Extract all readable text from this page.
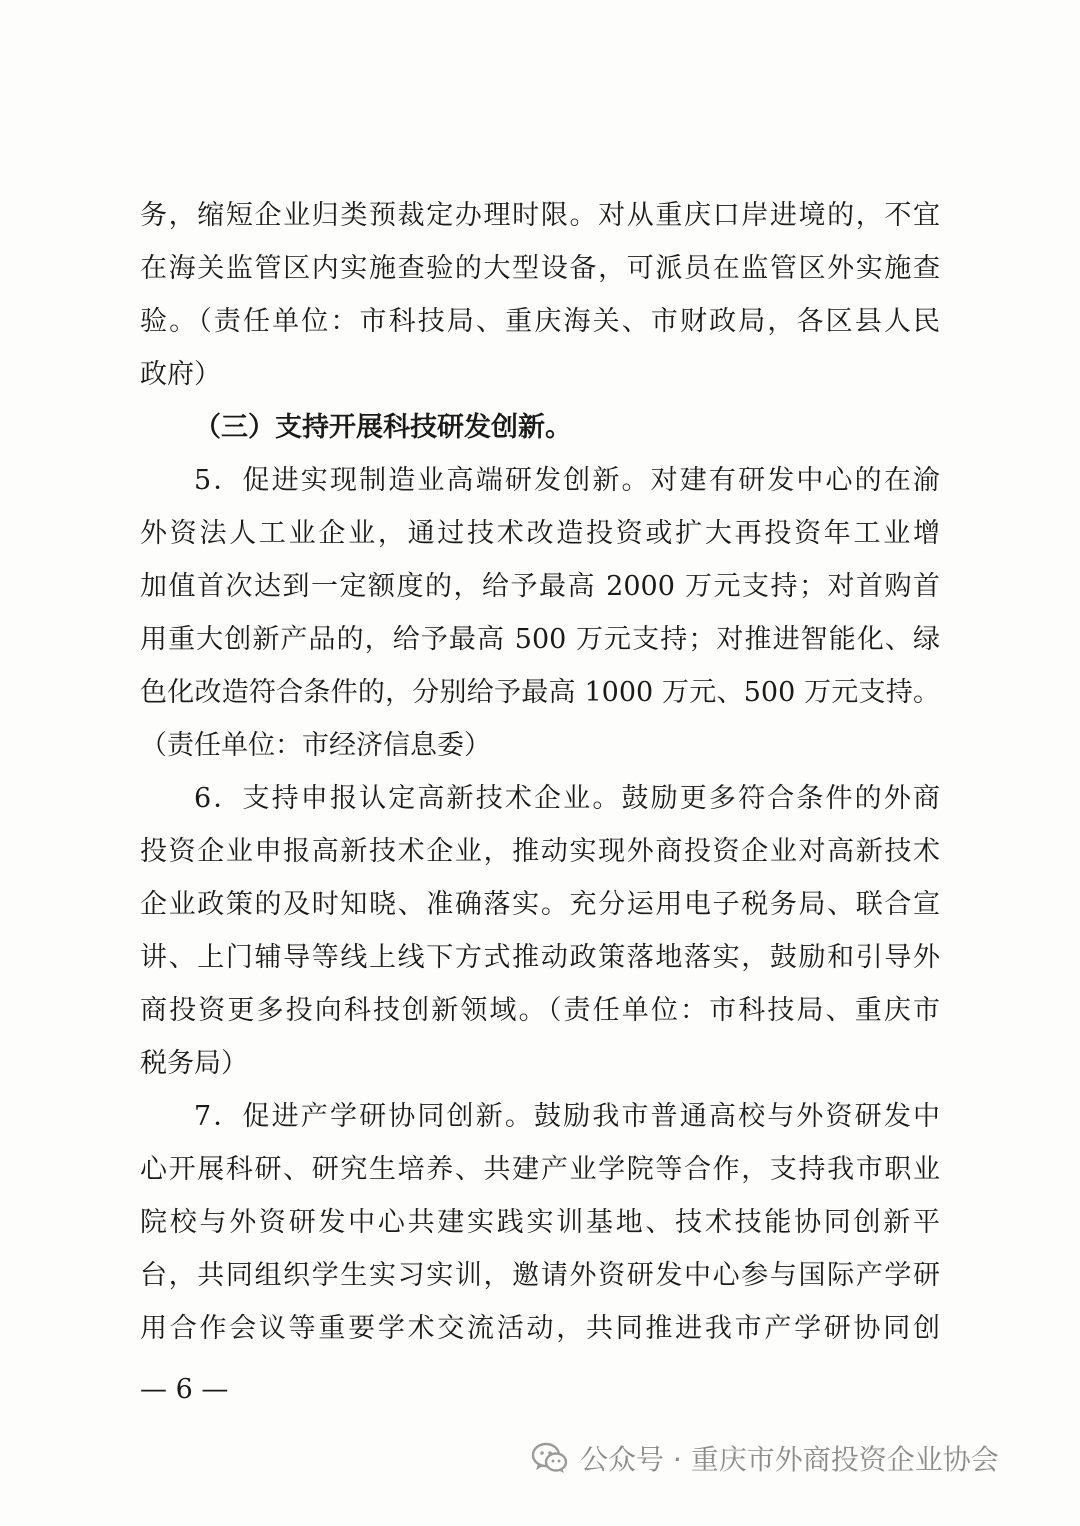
务，缩短企业归类预裁定办理时限。对从重庆口岸进境的，不宜
在海关监管区内实施查验的大型设备，可派员在监管区外实施查
验。（责任单位：市科技局、重庆海关、市财政局，各区县人民
政府）
（三）支持开展科技研发创新。
5．促进实现制造业高端研发创新。对建有研发中心的在渝
外资法人工业企业，通过技术改造投资或扩大再投资年工业增
加值首次达到一定额度的，给予最高 2000 万元支持；对首购首
用重大创新产品的，给予最高 500 万元支持；对推进智能化、绿
色化改造符合条件的，分别给予最高 1000 万元、500 万元支持。
（责任单位：市经济信息委）
6．支持申报认定高新技术企业。鼓励更多符合条件的外商
投资企业申报高新技术企业，推动实现外商投资企业对高新技术
企业政策的及时知晓、准确落实。充分运用电子税务局、联合宣
讲、上门辅导等线上线下方式推动政策落地落实，鼓励和引导外
商投资更多投向科技创新领域。（责任单位：市科技局、重庆市
税务局）
7．促进产学研协同创新。鼓励我市普通高校与外资研发中
心开展科研、研究生培养、共建产业学院等合作，支持我市职业
院校与外资研发中心共建实践实训基地、技术技能协同创新平
台，共同组织学生实习实训，邀请外资研发中心参与国际产学研
用合作会议等重要学术交流活动，共同推进我市产学研协同创
— 6 —
公众号 · 重庆市外商投资企业协会
